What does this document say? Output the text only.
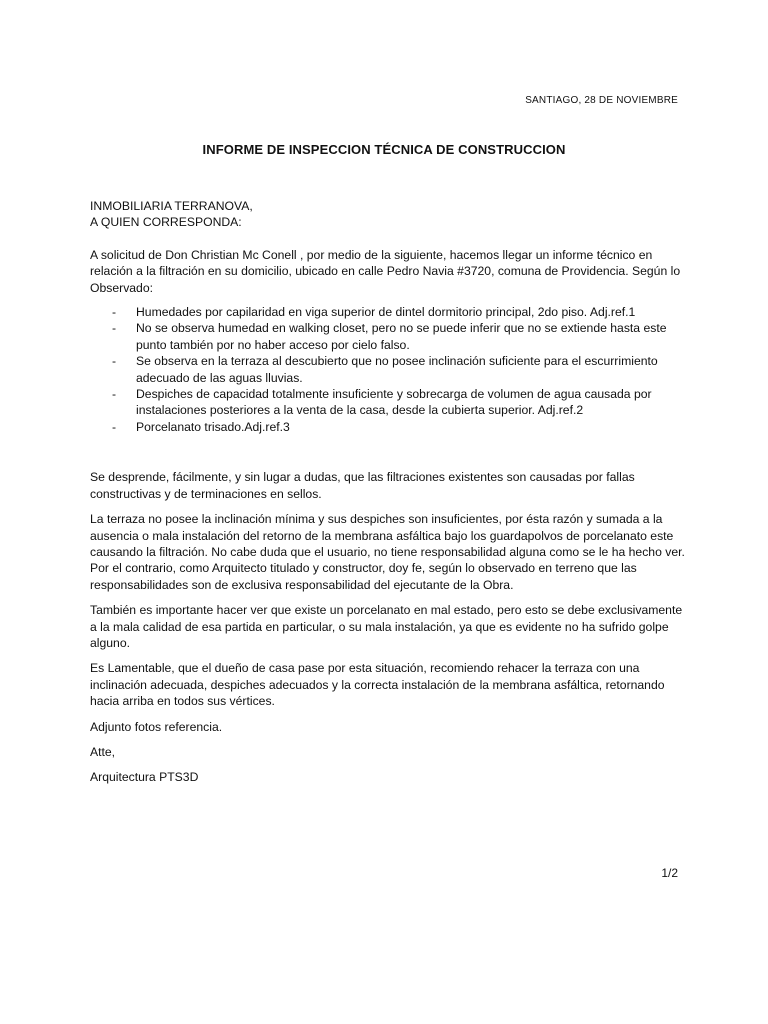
SANTIAGO, 28 DE NOVIEMBRE
INFORME DE INSPECCION TÉCNICA DE CONSTRUCCION

INMOBILIARIA TERRANOVA,

A QUIEN CORRESPONDA:

A solicitud de Don Christian Mc Conell , por medio de la siguiente, hacemos llegar un informe técnico en relación a la filtración en su domicilio, ubicado en calle Pedro Navia #3720, comuna de Providencia. Según lo Observado:

- Humedades por capilaridad en viga superior de dintel dormitorio principal, 2do piso. Adj.ref.1
- No se observa humedad en walking closet, pero no se puede inferir que no se extiende hasta este punto también por no haber acceso por cielo falso.
- Se observa en la terraza al descubierto que no posee inclinación suficiente para el escurrimiento adecuado de las aguas lluvias.
- Despiches de capacidad totalmente insuficiente y sobrecarga de volumen de agua causada por instalaciones posteriores a la venta de la casa, desde la cubierta superior. Adj.ref.2
- Porcelanato trisado.Adj.ref.3

Se desprende, fácilmente, y sin lugar a dudas, que las filtraciones existentes son causadas por fallas constructivas y de terminaciones en sellos.

La terraza no posee la inclinación mínima y sus despiches son insuficientes, por ésta razón y sumada a la ausencia o mala instalación del retorno de la membrana asfáltica bajo los guardapolvos de porcelanato este causando la filtración. No cabe duda que el usuario, no tiene responsabilidad alguna como se le ha hecho ver. Por el contrario, como Arquitecto titulado y constructor, doy fe, según lo observado en terreno que las responsabilidades son de exclusiva responsabilidad del ejecutante de la Obra.

También es importante hacer ver que existe un porcelanato en mal estado, pero esto se debe exclusivamente a la mala calidad de esa partida en particular, o su mala instalación, ya que es evidente no ha sufrido golpe alguno.

Es Lamentable, que el dueño de casa pase por esta situación, recomiendo rehacer la terraza con una inclinación adecuada, despiches adecuados y la correcta instalación de la membrana asfáltica, retornando hacia arriba en todos sus vértices.

Adjunto fotos referencia.

Atte,

Arquitectura PTS3D

1/2
